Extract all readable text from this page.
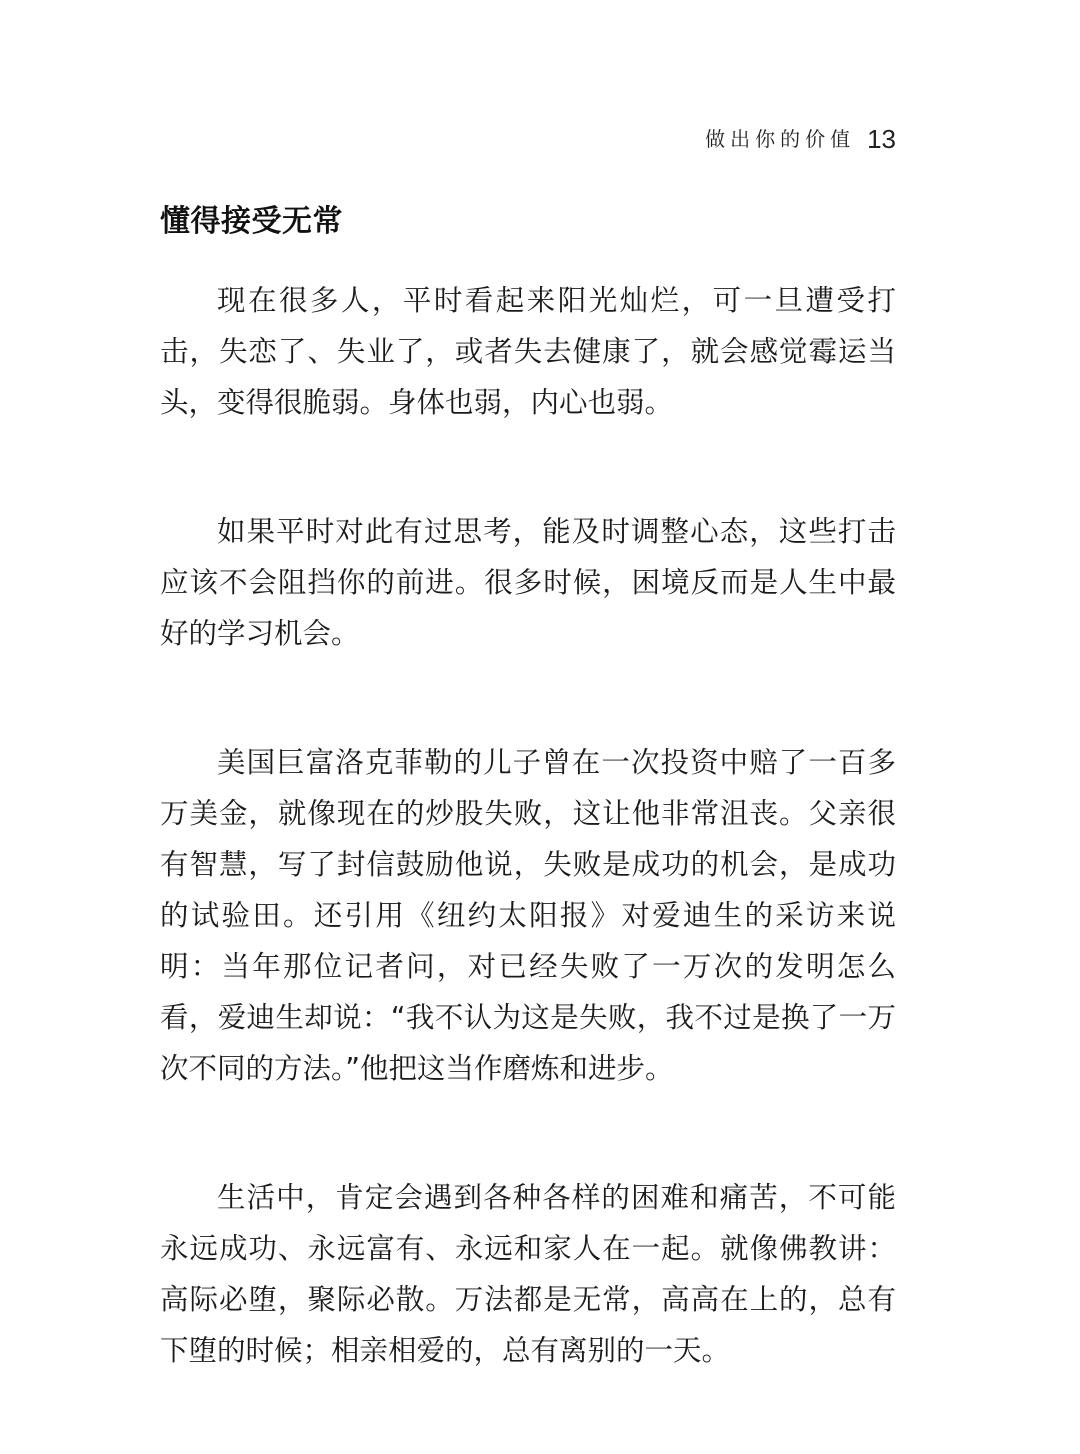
做出你的价值 13
懂得接受无常

现在很多人，平时看起来阳光灿烂，可一旦遭受打击，失恋了、失业了，或者失去健康了，就会感觉霉运当头，变得很脆弱。身体也弱，内心也弱。

如果平时对此有过思考，能及时调整心态，这些打击应该不会阻挡你的前进。很多时候，困境反而是人生中最好的学习机会。

美国巨富洛克菲勒的儿子曾在一次投资中赔了一百多万美金，就像现在的炒股失败，这让他非常沮丧。父亲很有智慧，写了封信鼓励他说，失败是成功的机会，是成功的试验田。还引用《纽约太阳报》对爱迪生的采访来说明：当年那位记者问，对已经失败了一万次的发明怎么看，爱迪生却说：“我不认为这是失败，我不过是换了一万次不同的方法。”他把这当作磨炼和进步。

生活中，肯定会遇到各种各样的困难和痛苦，不可能永远成功、永远富有、永远和家人在一起。就像佛教讲：高际必堕，聚际必散。万法都是无常，高高在上的，总有下堕的时候；相亲相爱的，总有离别的一天。
